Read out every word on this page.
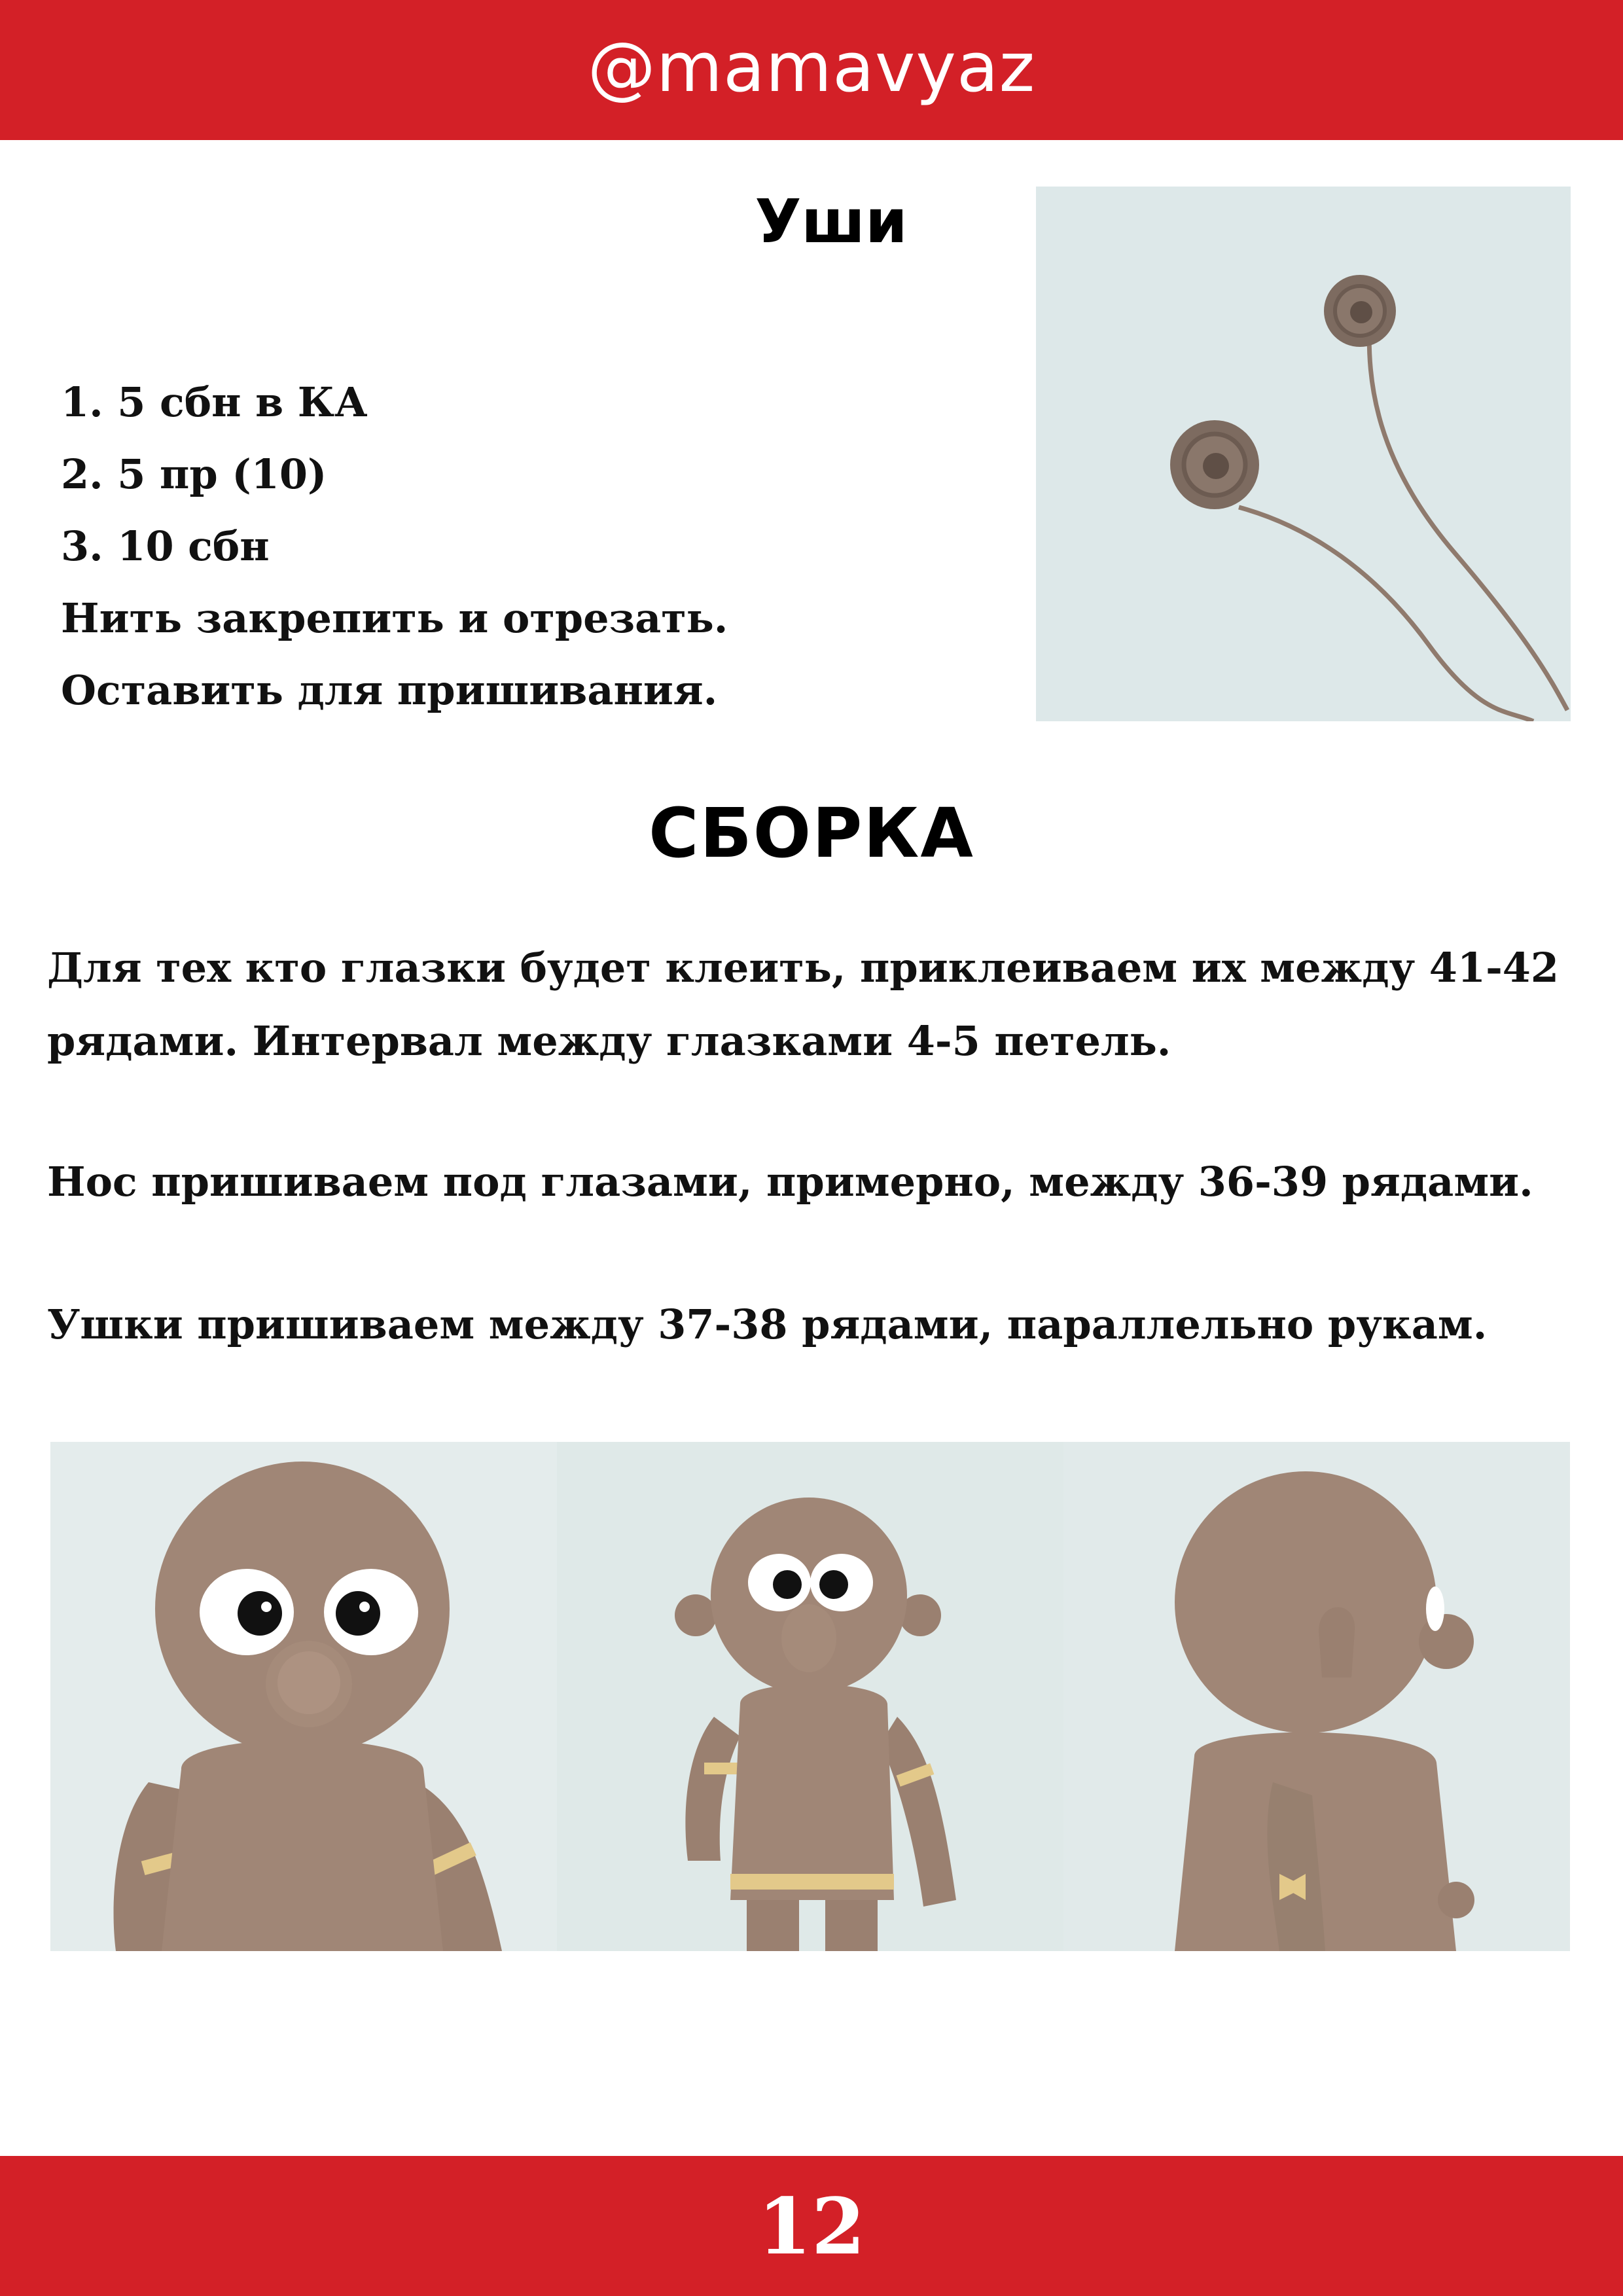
@mamavyaz
Уши
1. 5 сбн в КА
2. 5 пр (10)
3. 10 сбн
Нить закрепить и отрезать.
Оставить для пришивания.
СБОРКА

Для тех кто глазки будет клеить, приклеиваем их между 41-42 рядами. Интервал между глазками 4-5 петель.

Нос пришиваем под глазами, примерно, между 36-39 рядами.

Ушки пришиваем между 37-38 рядами, параллельно рукам.

12
